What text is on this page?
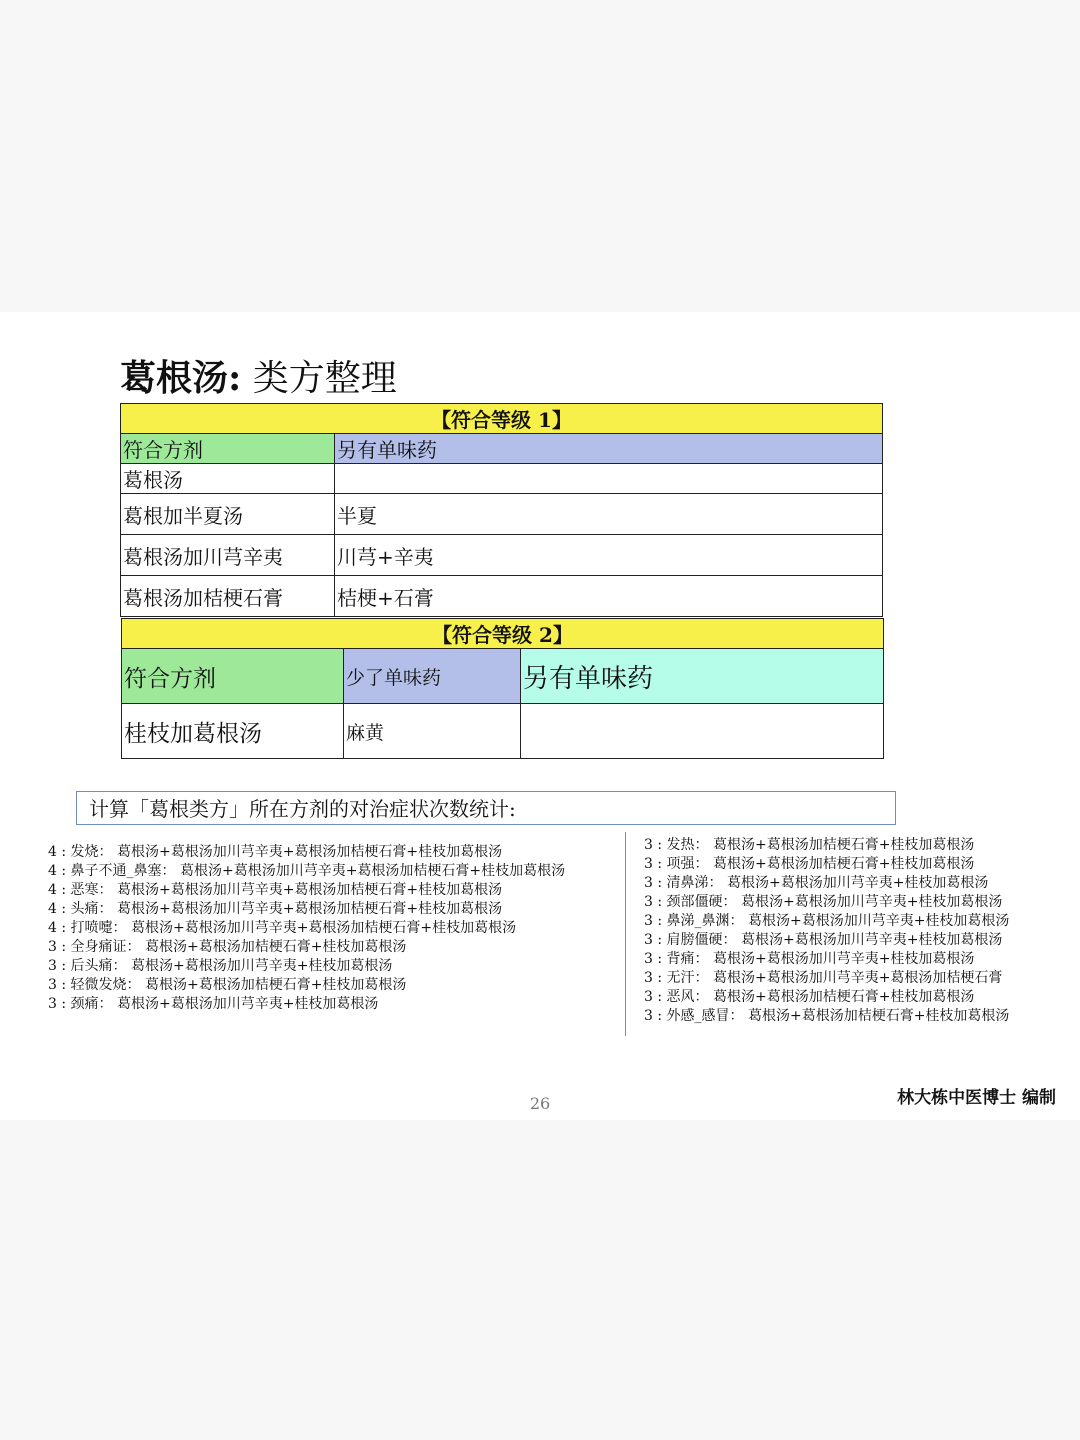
葛根汤: 类方整理
【符合等级 1】	
符合方剂	另有单味药
葛根汤	
葛根加半夏汤	半夏
葛根汤加川芎辛夷	川芎+辛夷
葛根汤加桔梗石膏	桔梗+石膏
【符合等级 2】		
符合方剂	少了单味药	另有单味药
桂枝加葛根汤	麻黄	
计算「葛根类方」所在方剂的对治症状次数统计:
4 : 发烧： 葛根汤+葛根汤加川芎辛夷+葛根汤加桔梗石膏+桂枝加葛根汤
4 : 鼻子不通_鼻塞： 葛根汤+葛根汤加川芎辛夷+葛根汤加桔梗石膏+桂枝加葛根汤
4 : 恶寒： 葛根汤+葛根汤加川芎辛夷+葛根汤加桔梗石膏+桂枝加葛根汤
4 : 头痛： 葛根汤+葛根汤加川芎辛夷+葛根汤加桔梗石膏+桂枝加葛根汤
4 : 打喷嚏： 葛根汤+葛根汤加川芎辛夷+葛根汤加桔梗石膏+桂枝加葛根汤
3 : 全身痛证： 葛根汤+葛根汤加桔梗石膏+桂枝加葛根汤
3 : 后头痛： 葛根汤+葛根汤加川芎辛夷+桂枝加葛根汤
3 : 轻微发烧： 葛根汤+葛根汤加桔梗石膏+桂枝加葛根汤
3 : 颈痛： 葛根汤+葛根汤加川芎辛夷+桂枝加葛根汤
3 : 发热： 葛根汤+葛根汤加桔梗石膏+桂枝加葛根汤
3 : 项强： 葛根汤+葛根汤加桔梗石膏+桂枝加葛根汤
3 : 清鼻涕： 葛根汤+葛根汤加川芎辛夷+桂枝加葛根汤
3 : 颈部僵硬： 葛根汤+葛根汤加川芎辛夷+桂枝加葛根汤
3 : 鼻涕_鼻渊： 葛根汤+葛根汤加川芎辛夷+桂枝加葛根汤
3 : 肩膀僵硬： 葛根汤+葛根汤加川芎辛夷+桂枝加葛根汤
3 : 背痛： 葛根汤+葛根汤加川芎辛夷+桂枝加葛根汤
3 : 无汗： 葛根汤+葛根汤加川芎辛夷+葛根汤加桔梗石膏
3 : 恶风： 葛根汤+葛根汤加桔梗石膏+桂枝加葛根汤
3 : 外感_感冒： 葛根汤+葛根汤加桔梗石膏+桂枝加葛根汤
26	林大栋中医博士 编制
